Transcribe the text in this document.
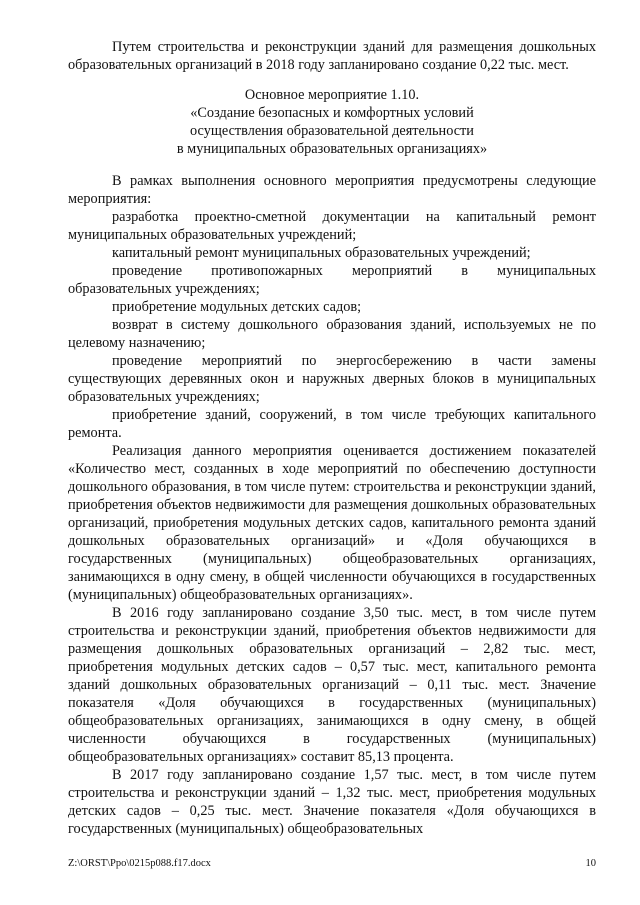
Путем строительства и реконструкции зданий для размещения дошкольных образовательных организаций в 2018 году запланировано создание 0,22 тыс. мест.

Основное мероприятие 1.10.
«Создание безопасных и комфортных условий
осуществления образовательной деятельности
в муниципальных образовательных организациях»

В рамках выполнения основного мероприятия предусмотрены следующие мероприятия:

разработка проектно-сметной документации на капитальный ремонт муниципальных образовательных учреждений;

капитальный ремонт муниципальных образовательных учреждений;

проведение противопожарных мероприятий в муниципальных образовательных учреждениях;

приобретение модульных детских садов;

возврат в систему дошкольного образования зданий, используемых не по целевому назначению;

проведение мероприятий по энергосбережению в части замены существующих деревянных окон и наружных дверных блоков в муниципальных образовательных учреждениях;

приобретение зданий, сооружений, в том числе требующих капитального ремонта.

Реализация данного мероприятия оценивается достижением показателей «Количество мест, созданных в ходе мероприятий по обеспечению доступности дошкольного образования, в том числе путем: строительства и реконструкции зданий, приобретения объектов недвижимости для размещения дошкольных образовательных организаций, приобретения модульных детских садов, капитального ремонта зданий дошкольных образовательных организаций» и «Доля обучающихся в государственных (муниципальных) общеобразовательных организациях, занимающихся в одну смену, в общей численности обучающихся в государственных (муниципальных) общеобразовательных организациях».

В 2016 году запланировано создание 3,50 тыс. мест, в том числе путем строительства и реконструкции зданий, приобретения объектов недвижимости для размещения дошкольных образовательных организаций – 2,82 тыс. мест, приобретения модульных детских садов – 0,57 тыс. мест, капитального ремонта зданий дошкольных образовательных организаций – 0,11 тыс. мест. Значение показателя «Доля обучающихся в государственных (муниципальных) общеобразовательных организациях, занимающихся в одну смену, в общей численности обучающихся в государственных (муниципальных) общеобразовательных организациях» составит 85,13 процента.

В 2017 году запланировано создание 1,57 тыс. мест, в том числе путем строительства и реконструкции зданий – 1,32 тыс. мест, приобретения модульных детских садов – 0,25 тыс. мест. Значение показателя «Доля обучающихся в государственных (муниципальных) общеобразовательных

Z:\ORST\Ppo\0215p088.f17.docx	10
